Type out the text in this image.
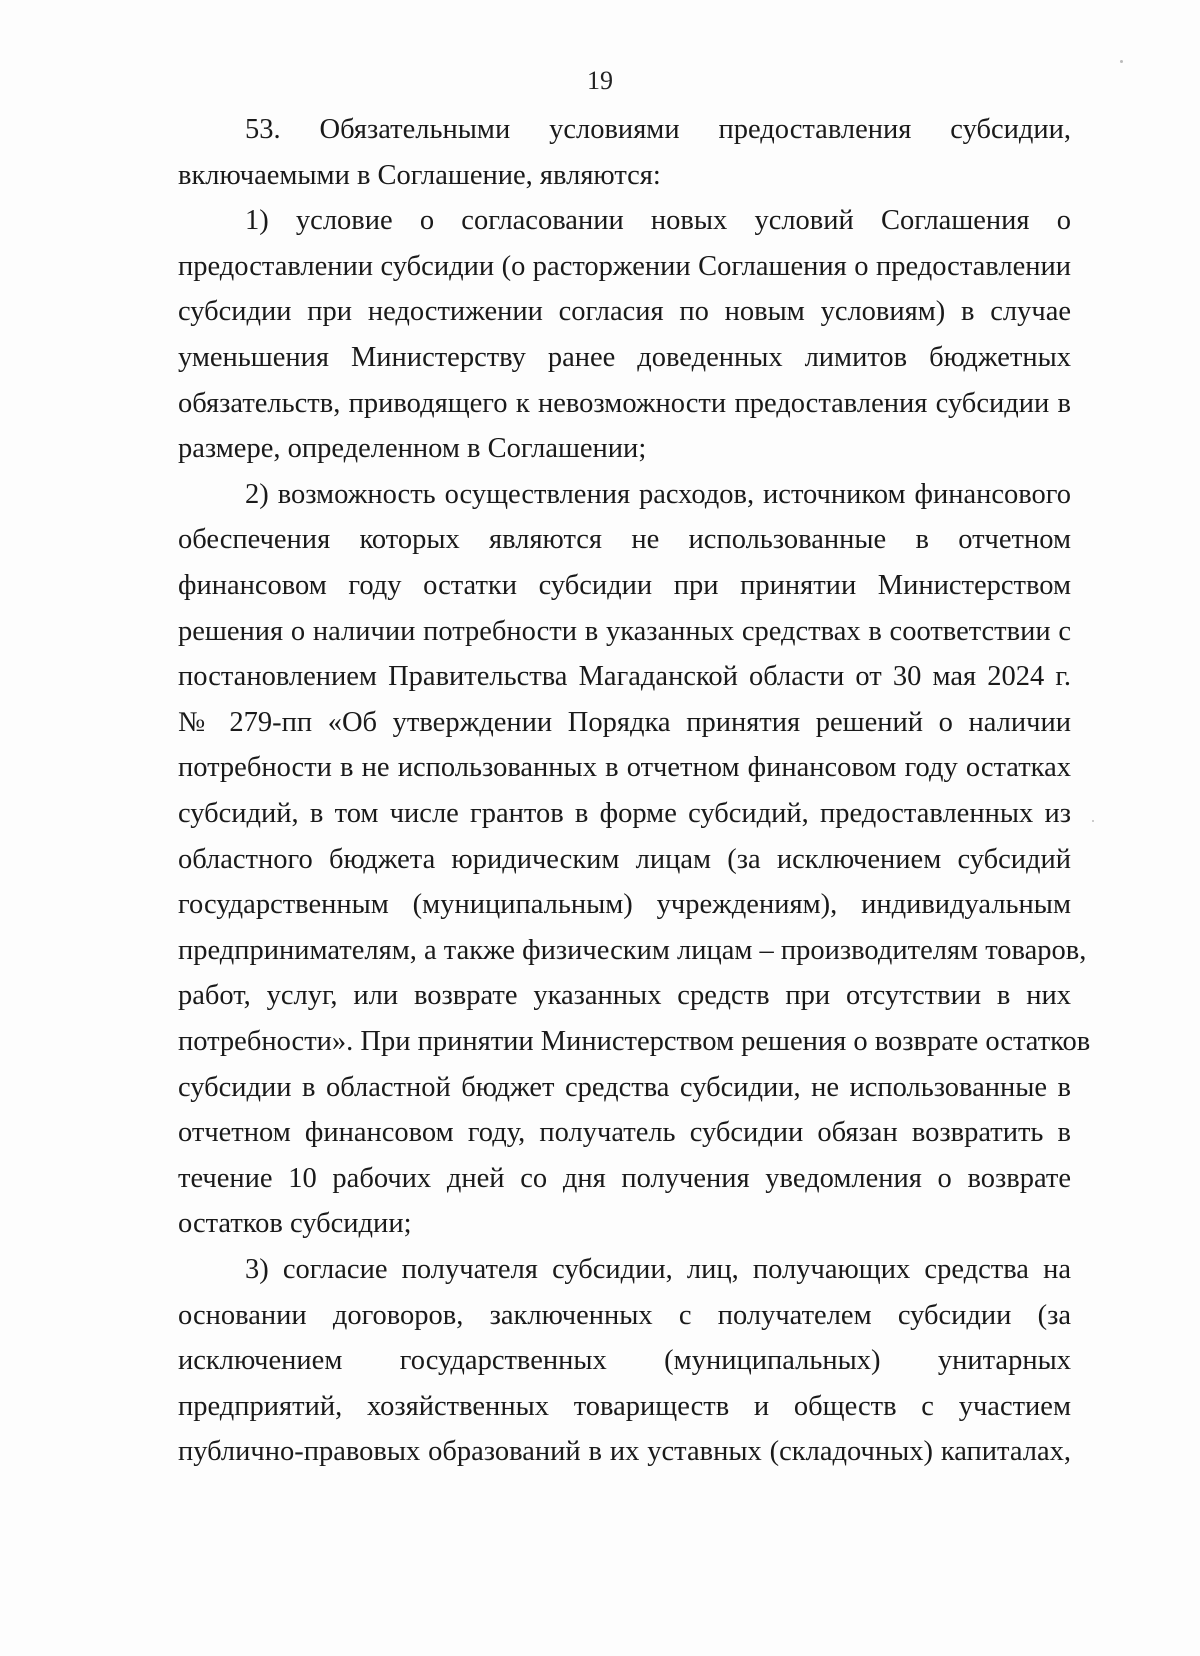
19
53. Обязательными условиями предоставления субсидии,
включаемыми в Соглашение, являются:
1) условие о согласовании новых условий Соглашения о
предоставлении субсидии (о расторжении Соглашения о предоставлении
субсидии при недостижении согласия по новым условиям) в случае
уменьшения Министерству ранее доведенных лимитов бюджетных
обязательств, приводящего к невозможности предоставления субсидии в
размере, определенном в Соглашении;
2) возможность осуществления расходов, источником финансового
обеспечения которых являются не использованные в отчетном
финансовом году остатки субсидии при принятии Министерством
решения о наличии потребности в указанных средствах в соответствии с
постановлением Правительства Магаданской области от 30 мая 2024 г.
№ 279-пп «Об утверждении Порядка принятия решений о наличии
потребности в не использованных в отчетном финансовом году остатках
субсидий, в том числе грантов в форме субсидий, предоставленных из
областного бюджета юридическим лицам (за исключением субсидий
государственным (муниципальным) учреждениям), индивидуальным
предпринимателям, а также физическим лицам – производителям товаров,
работ, услуг, или возврате указанных средств при отсутствии в них
потребности». При принятии Министерством решения о возврате остатков
субсидии в областной бюджет средства субсидии, не использованные в
отчетном финансовом году, получатель субсидии обязан возвратить в
течение 10 рабочих дней со дня получения уведомления о возврате
остатков субсидии;
3) согласие получателя субсидии, лиц, получающих средства на
основании договоров, заключенных с получателем субсидии (за
исключением государственных (муниципальных) унитарных
предприятий, хозяйственных товариществ и обществ с участием
публично-правовых образований в их уставных (складочных) капиталах,
